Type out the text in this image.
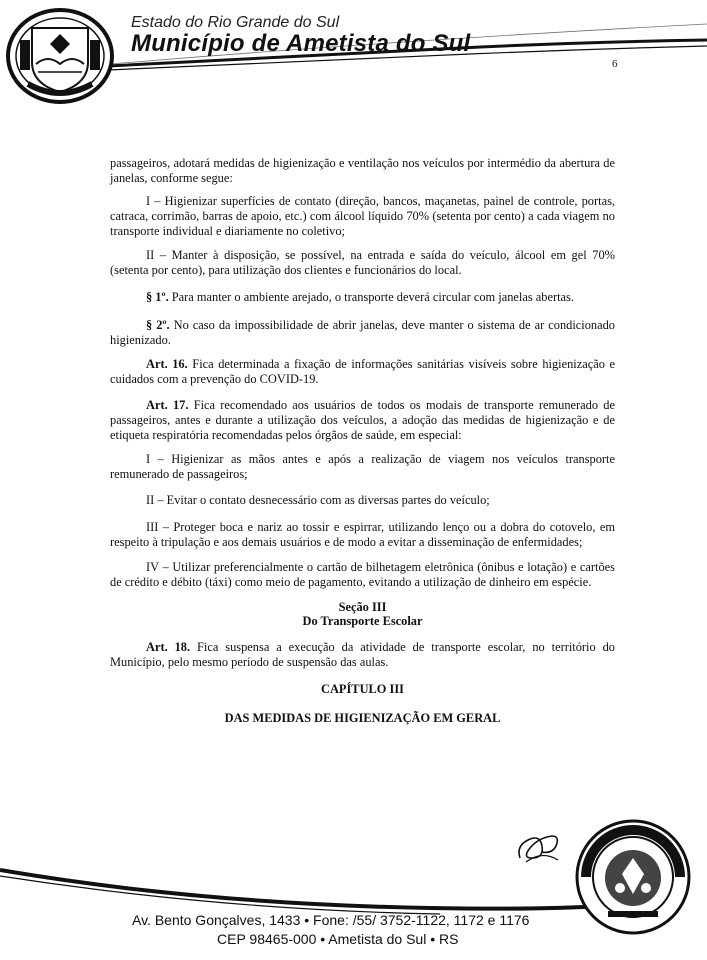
Estado do Rio Grande do Sul
Município de Ametista do Sul
6
passageiros, adotará medidas de higienização e ventilação nos veículos por intermédio da abertura de janelas, conforme segue:
I – Higienizar superfícies de contato (direção, bancos, maçanetas, painel de controle, portas, catraca, corrimão, barras de apoio, etc.) com álcool líquido 70% (setenta por cento) a cada viagem no transporte individual e diariamente no coletivo;
II – Manter à disposição, se possível, na entrada e saída do veículo, álcool em gel 70% (setenta por cento), para utilização dos clientes e funcionários do local.
§ 1º. Para manter o ambiente arejado, o transporte deverá circular com janelas abertas.
§ 2º. No caso da impossibilidade de abrir janelas, deve manter o sistema de ar condicionado higienizado.
Art. 16. Fica determinada a fixação de informações sanitárias visíveis sobre higienização e cuidados com a prevenção do COVID-19.
Art. 17. Fica recomendado aos usuários de todos os modais de transporte remunerado de passageiros, antes e durante a utilização dos veículos, a adoção das medidas de higienização e de etiqueta respiratória recomendadas pelos órgãos de saúde, em especial:
I – Higienizar as mãos antes e após a realização de viagem nos veículos transporte remunerado de passageiros;
II – Evitar o contato desnecessário com as diversas partes do veículo;
III – Proteger boca e nariz ao tossir e espirrar, utilizando lenço ou a dobra do cotovelo, em respeito à tripulação e aos demais usuários e de modo a evitar a disseminação de enfermidades;
IV – Utilizar preferencialmente o cartão de bilhetagem eletrônica (ônibus e lotação) e cartões de crédito e débito (táxi) como meio de pagamento, evitando a utilização de dinheiro em espécie.
Seção III
Do Transporte Escolar
Art. 18. Fica suspensa a execução da atividade de transporte escolar, no território do Município, pelo mesmo período de suspensão das aulas.
CAPÍTULO III
DAS MEDIDAS DE HIGIENIZAÇÃO EM GERAL
Av. Bento Gonçalves, 1433 • Fone: /55/ 3752-1122, 1172 e 1176
CEP 98465-000 • Ametista do Sul • RS
